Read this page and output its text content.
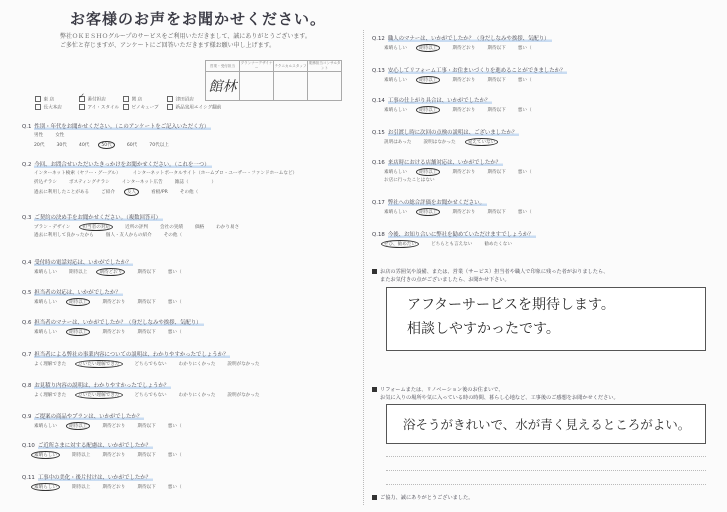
お客様のお声をお聞かせください。
弊社ＯＫＥＳＨＯグループのサービスをご利用いただきまして、誠にありがとうございます。
ご多忙と存じますが、アンケートにご回答いただきます様お願い申し上げます。
営業・受付担当	プランナーデザイナー	テクニカルスタッフ	業務担当コンサルタント
館林			
東 店 ✓	番付担店	関 店	津田沼店
長大本店	アイ・スタイル	ビノキューブ	新品実用エイシグ翻前
Q.1 性別・年代をお聞かせください。（このアンケートをご記入いただく方）
男性	女性
20代	30代	40代	50代	60代	70代以上
Q.2 今回、お問合せいただいたきっかけをお聞かせください。（これを一つ）
インターネット検索（ヤフー・グーグル）	インターネットポータルサイト（ホームプロ・ユーザー・ファンドホームなど）
折込チラシ	ポスティングチラシ	インターネット広告	雑誌（　　　　　）
過去に利用したことがある	ご紹介	友人	看板/PR	その他（
Q.3 ご契約の決め手をお聞かせください。（複数回答可）
プラン・デザイン	担当者の対応	近所の評判	会社の実績	価格	わかり易さ
過去に利用して良かったから	個人・友人からの紹介	その他（
Q.4 受付時の電話対応は、いかがでしたか？
素晴らしい	期待以上	期待どおり	期待以下	悪い（
Q.5 担当者の対応は、いかがでしたか？
素晴らしい	期待以上	期待どおり	期待以下	悪い（
Q.6 担当者のマナーは、いかがでしたか？（身だしなみや挨拶、気配り）
素晴らしい	期待以上	期待どおり	期待以下	悪い（
Q.7 担当者による弊社の事業内容についての説明は、わかりやすかったでしょうか？
よく理解できた	だいたい理解できた	どちらでもない	わかりにくかった	説明がなかった
Q.8 お見積り内容の説明は、わかりやすかったでしょうか？
よく理解できた	だいたい理解できた	どちらでもない	わかりにくかった	説明がなかった
Q.9 ご提案の商品やプランは、いかがでしたか？
素晴らしい	期待以上	期待どおり	期待以下	悪い（
Q.10 ご近所さまに対する配慮は、いかがでしたか？
素晴らしい	期待以上	期待どおり	期待以下	悪い（
Q.11 工事中の美化・後片付けは、いかがでしたか？
素晴らしい	期待以上	期待どおり	期待以下	悪い（
Q.12 職人のマナーは、いかがでしたか？（身だしなみや挨拶、気配り）
素晴らしい	期待以上	期待どおり	期待以下	悪い（
Q.13 安心してリフォーム工事・お住まいづくりを進めることができましたか？
素晴らしい	期待以上	期待どおり	期待以下	悪い（
Q.14 工事の仕上がり具合は、いかがでしたか？
素晴らしい	期待以上	期待どおり	期待以下	悪い（
Q.15 お引渡し時に次回の点検の説明は、ございましたか？
説明はあった	説明はなかった	覚えていない
Q.16 来店時における店舗対応は、いかがでしたか？
素晴らしい	期待以上	期待どおり	期待以下	悪い（
お店に行ったことはない
Q.17 弊社への総合評価をお聞かせください。
素晴らしい	期待以上	期待どおり	期待以下	悪い（
Q.18 今後、お知り合いに弊社を勧めていただけますでしょうか？
ぜひ、勧めたい	どちらとも言えない	勧めたくない
お店の雰囲気や設備、または、営業（サービス）担当者や職人で印象に残った者がおりましたら、
またお気付きの点がございましたら、お聞かせ下さい。
アフターサービスを期待します。
相談しやすかったです。
リフォームまたは、リノベーション後のお住まいで、
お気に入りの場所や気に入っている時の時間、暮らし心地など、工事後のご感想をお聞かせください。
浴そうがきれいで、水が青く見えるところがよい。
ご協力、誠にありがとうございました。
